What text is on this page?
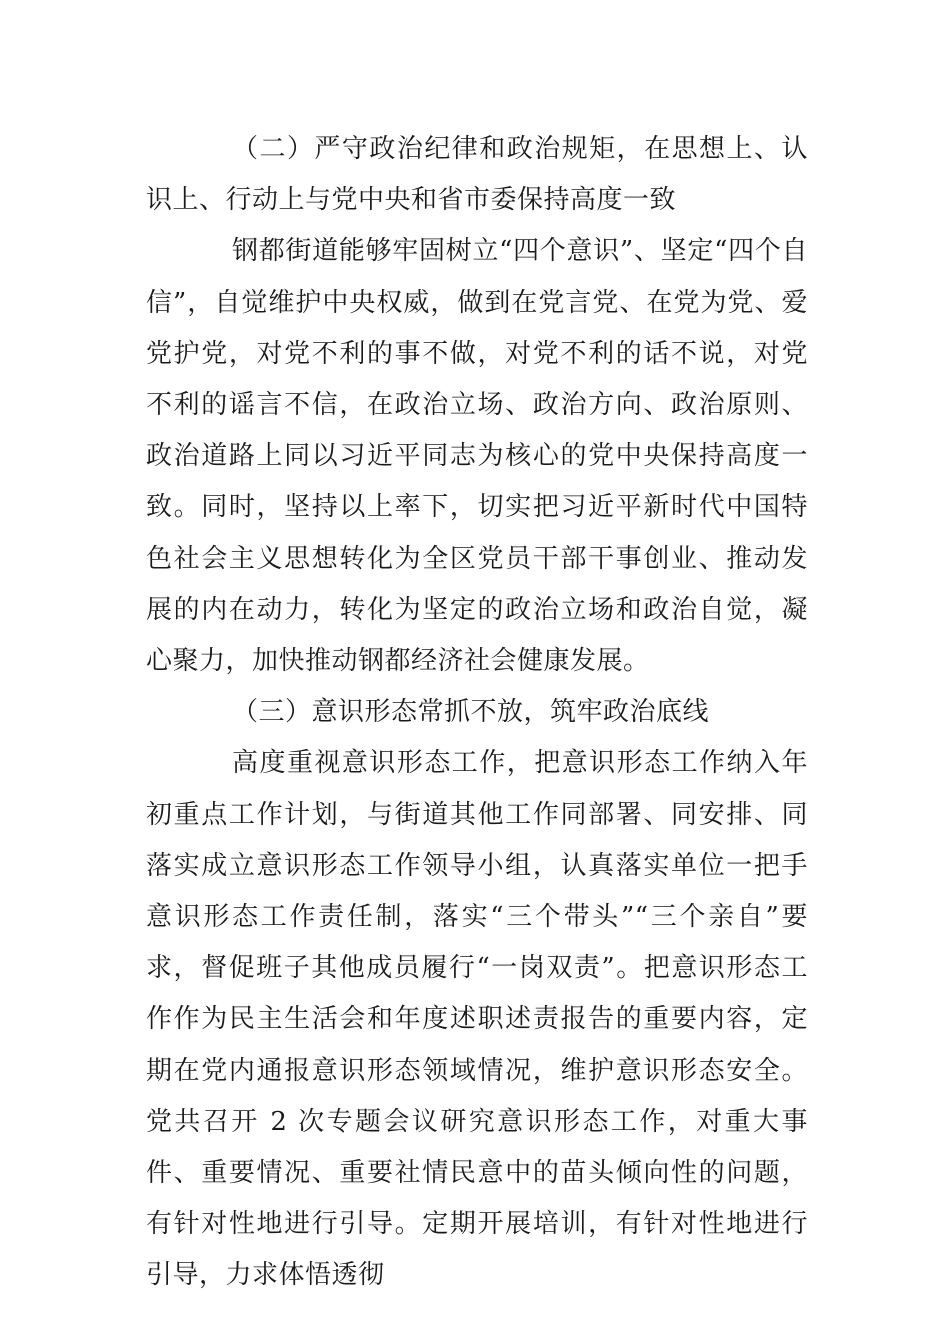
（二）严守政治纪律和政治规矩，在思想上、认识上、行动上与党中央和省市委保持高度一致

钢都街道能够牢固树立“四个意识”、坚定“四个自信”，自觉维护中央权威，做到在党言党、在党为党、爱党护党，对党不利的事不做，对党不利的话不说，对党不利的谣言不信，在政治立场、政治方向、政治原则、政治道路上同以习近平同志为核心的党中央保持高度一致。同时，坚持以上率下，切实把习近平新时代中国特色社会主义思想转化为全区党员干部干事创业、推动发展的内在动力，转化为坚定的政治立场和政治自觉，凝心聚力，加快推动钢都经济社会健康发展。

（三）意识形态常抓不放，筑牢政治底线

高度重视意识形态工作，把意识形态工作纳入年初重点工作计划，与街道其他工作同部署、同安排、同落实成立意识形态工作领导小组，认真落实单位一把手意识形态工作责任制，落实“三个带头”“三个亲自”要求，督促班子其他成员履行“一岗双责”。把意识形态工作作为民主生活会和年度述职述责报告的重要内容，定期在党内通报意识形态领域情况，维护意识形态安全。党共召开 2 次专题会议研究意识形态工作，对重大事件、重要情况、重要社情民意中的苗头倾向性的问题，有针对性地进行引导。定期开展培训，有针对性地进行引导，力求体悟透彻
